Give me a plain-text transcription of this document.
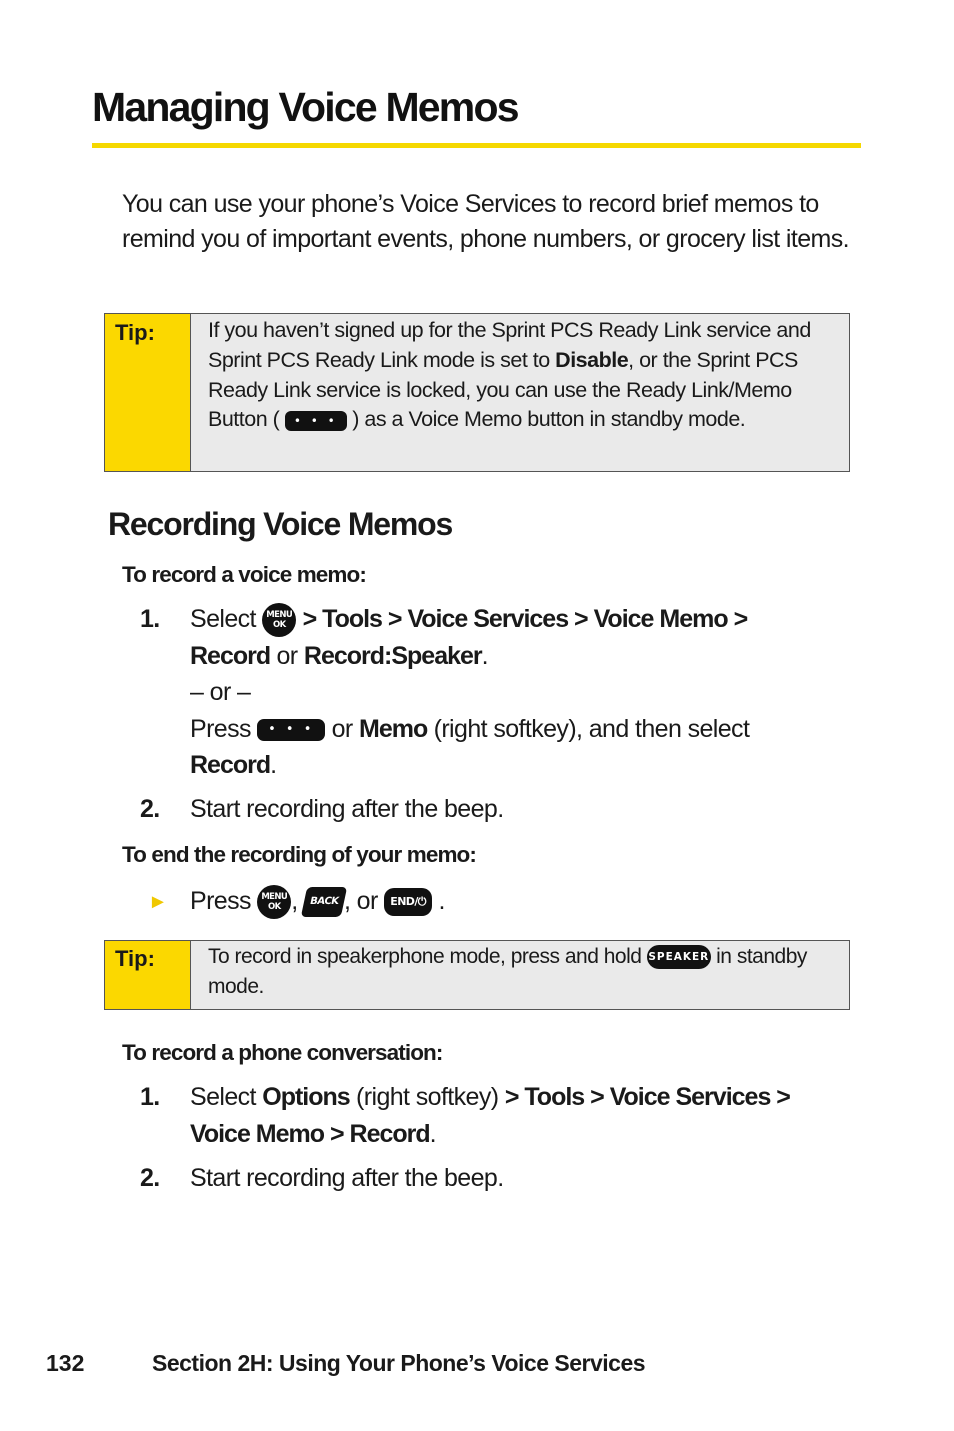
Managing Voice Memos
You can use your phone’s Voice Services to record brief memos to remind you of important events, phone numbers, or grocery list items.
Tip: If you haven’t signed up for the Sprint PCS Ready Link service and Sprint PCS Ready Link mode is set to Disable, or the Sprint PCS Ready Link service is locked, you can use the Ready Link/Memo Button ( • • • ) as a Voice Memo button in standby mode.
Recording Voice Memos
To record a voice memo:
1. Select	MENU
OK > Tools > Voice Services > Voice Memo >
Record or Record:Speaker.
– or –
Press • • • or Memo (right softkey), and then select
Record.
2. Start recording after the beep.
To end the recording of your memo:
► Press	MENU
OK , BACK , or END/⏻ .
Tip:	To record in speakerphone mode, press and hold SPEAKER in standby mode.
To record a phone conversation:
1. Select Options (right softkey) > Tools > Voice Services > Voice Memo > Record.
2. Start recording after the beep.
132	Section 2H: Using Your Phone’s Voice Services
